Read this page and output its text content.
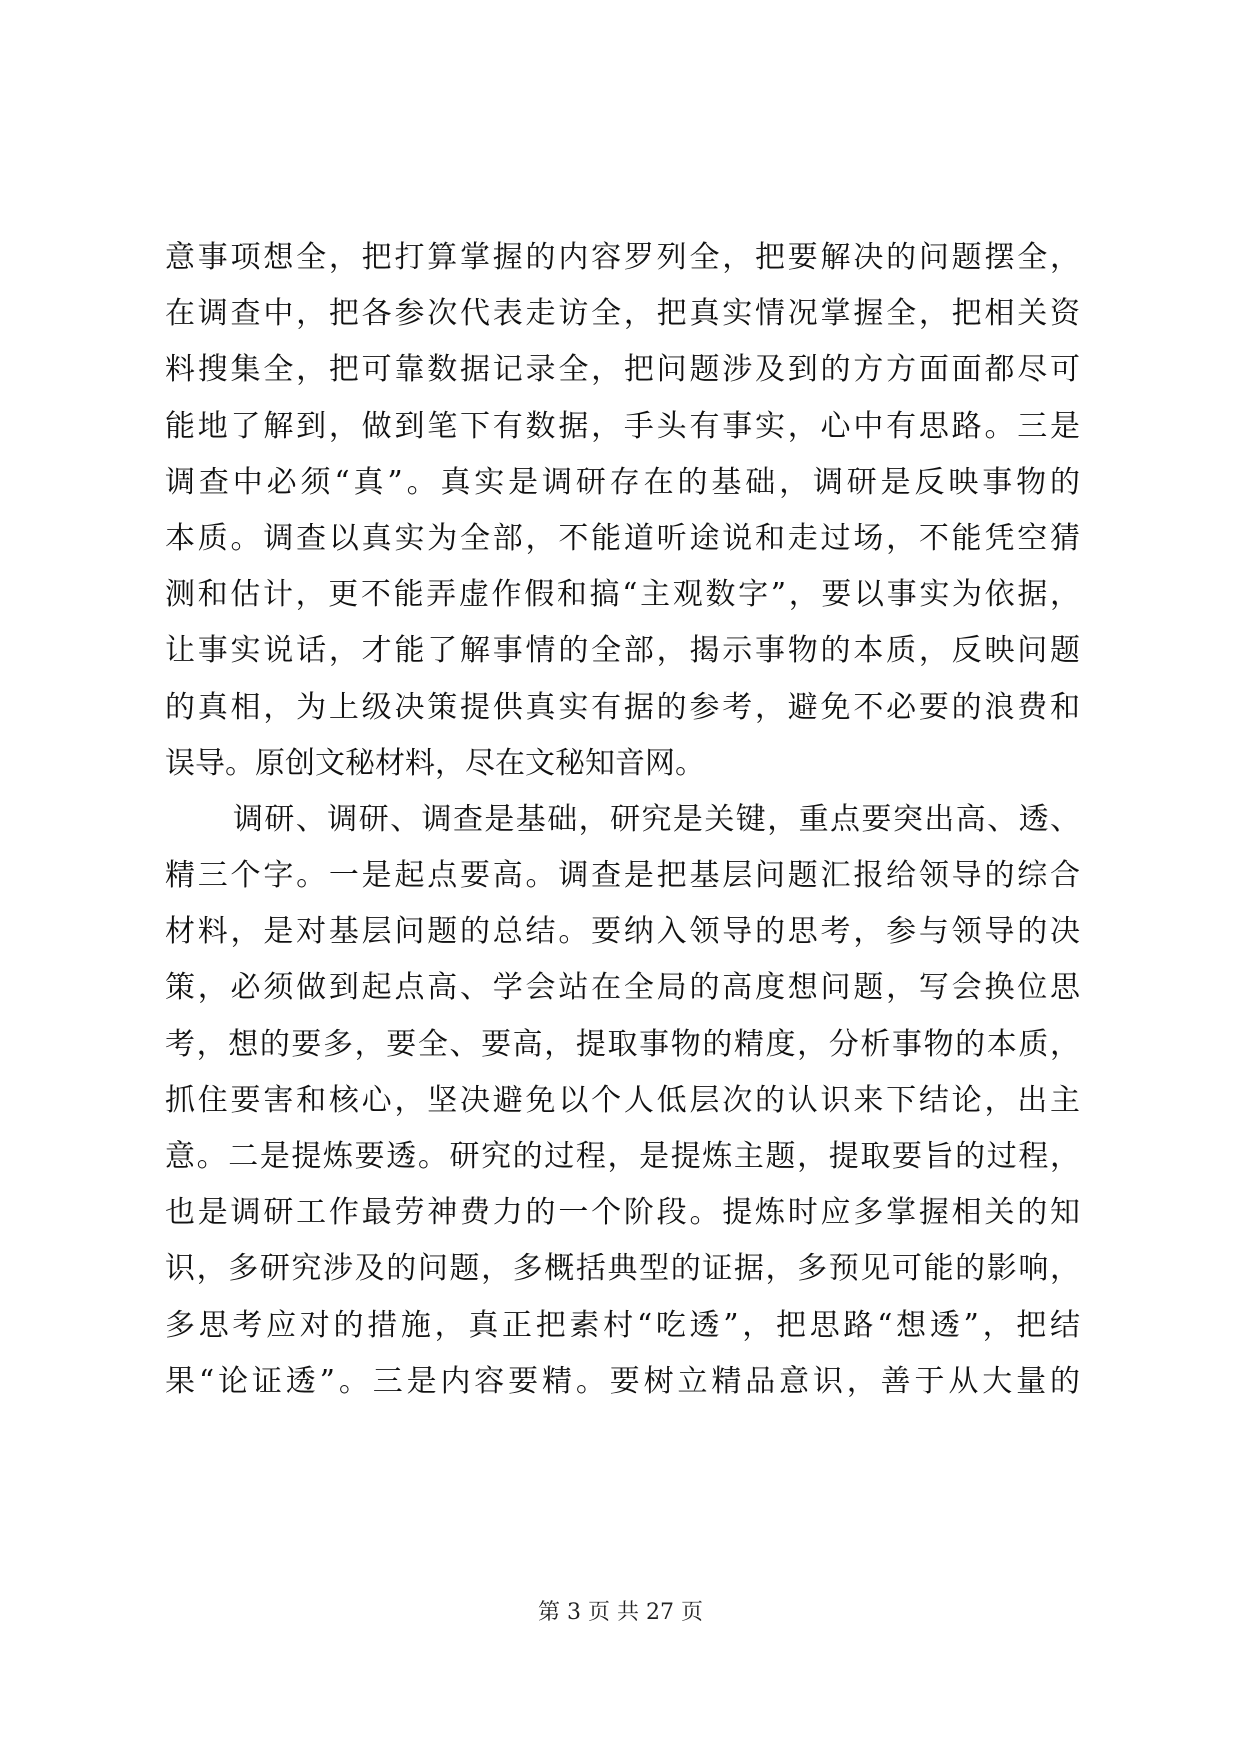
意事项想全，把打算掌握的内容罗列全，把要解决的问题摆全，
在调查中，把各参次代表走访全，把真实情况掌握全，把相关资
料搜集全，把可靠数据记录全，把问题涉及到的方方面面都尽可
能地了解到，做到笔下有数据，手头有事实，心中有思路。三是
调查中必须“真”。真实是调研存在的基础，调研是反映事物的
本质。调查以真实为全部，不能道听途说和走过场，不能凭空猜
测和估计，更不能弄虚作假和搞“主观数字”，要以事实为依据，
让事实说话，才能了解事情的全部，揭示事物的本质，反映问题
的真相，为上级决策提供真实有据的参考，避免不必要的浪费和
误导。原创文秘材料，尽在文秘知音网。
调研、调研、调查是基础，研究是关键，重点要突出高、透、
精三个字。一是起点要高。调查是把基层问题汇报给领导的综合
材料，是对基层问题的总结。要纳入领导的思考，参与领导的决
策，必须做到起点高、学会站在全局的高度想问题，写会换位思
考，想的要多，要全、要高，提取事物的精度，分析事物的本质，
抓住要害和核心，坚决避免以个人低层次的认识来下结论，出主
意。二是提炼要透。研究的过程，是提炼主题，提取要旨的过程，
也是调研工作最劳神费力的一个阶段。提炼时应多掌握相关的知
识，多研究涉及的问题，多概括典型的证据，多预见可能的影响，
多思考应对的措施，真正把素村“吃透”，把思路“想透”，把结
果“论证透”。三是内容要精。要树立精品意识，善于从大量的
第 3 页 共 27 页
